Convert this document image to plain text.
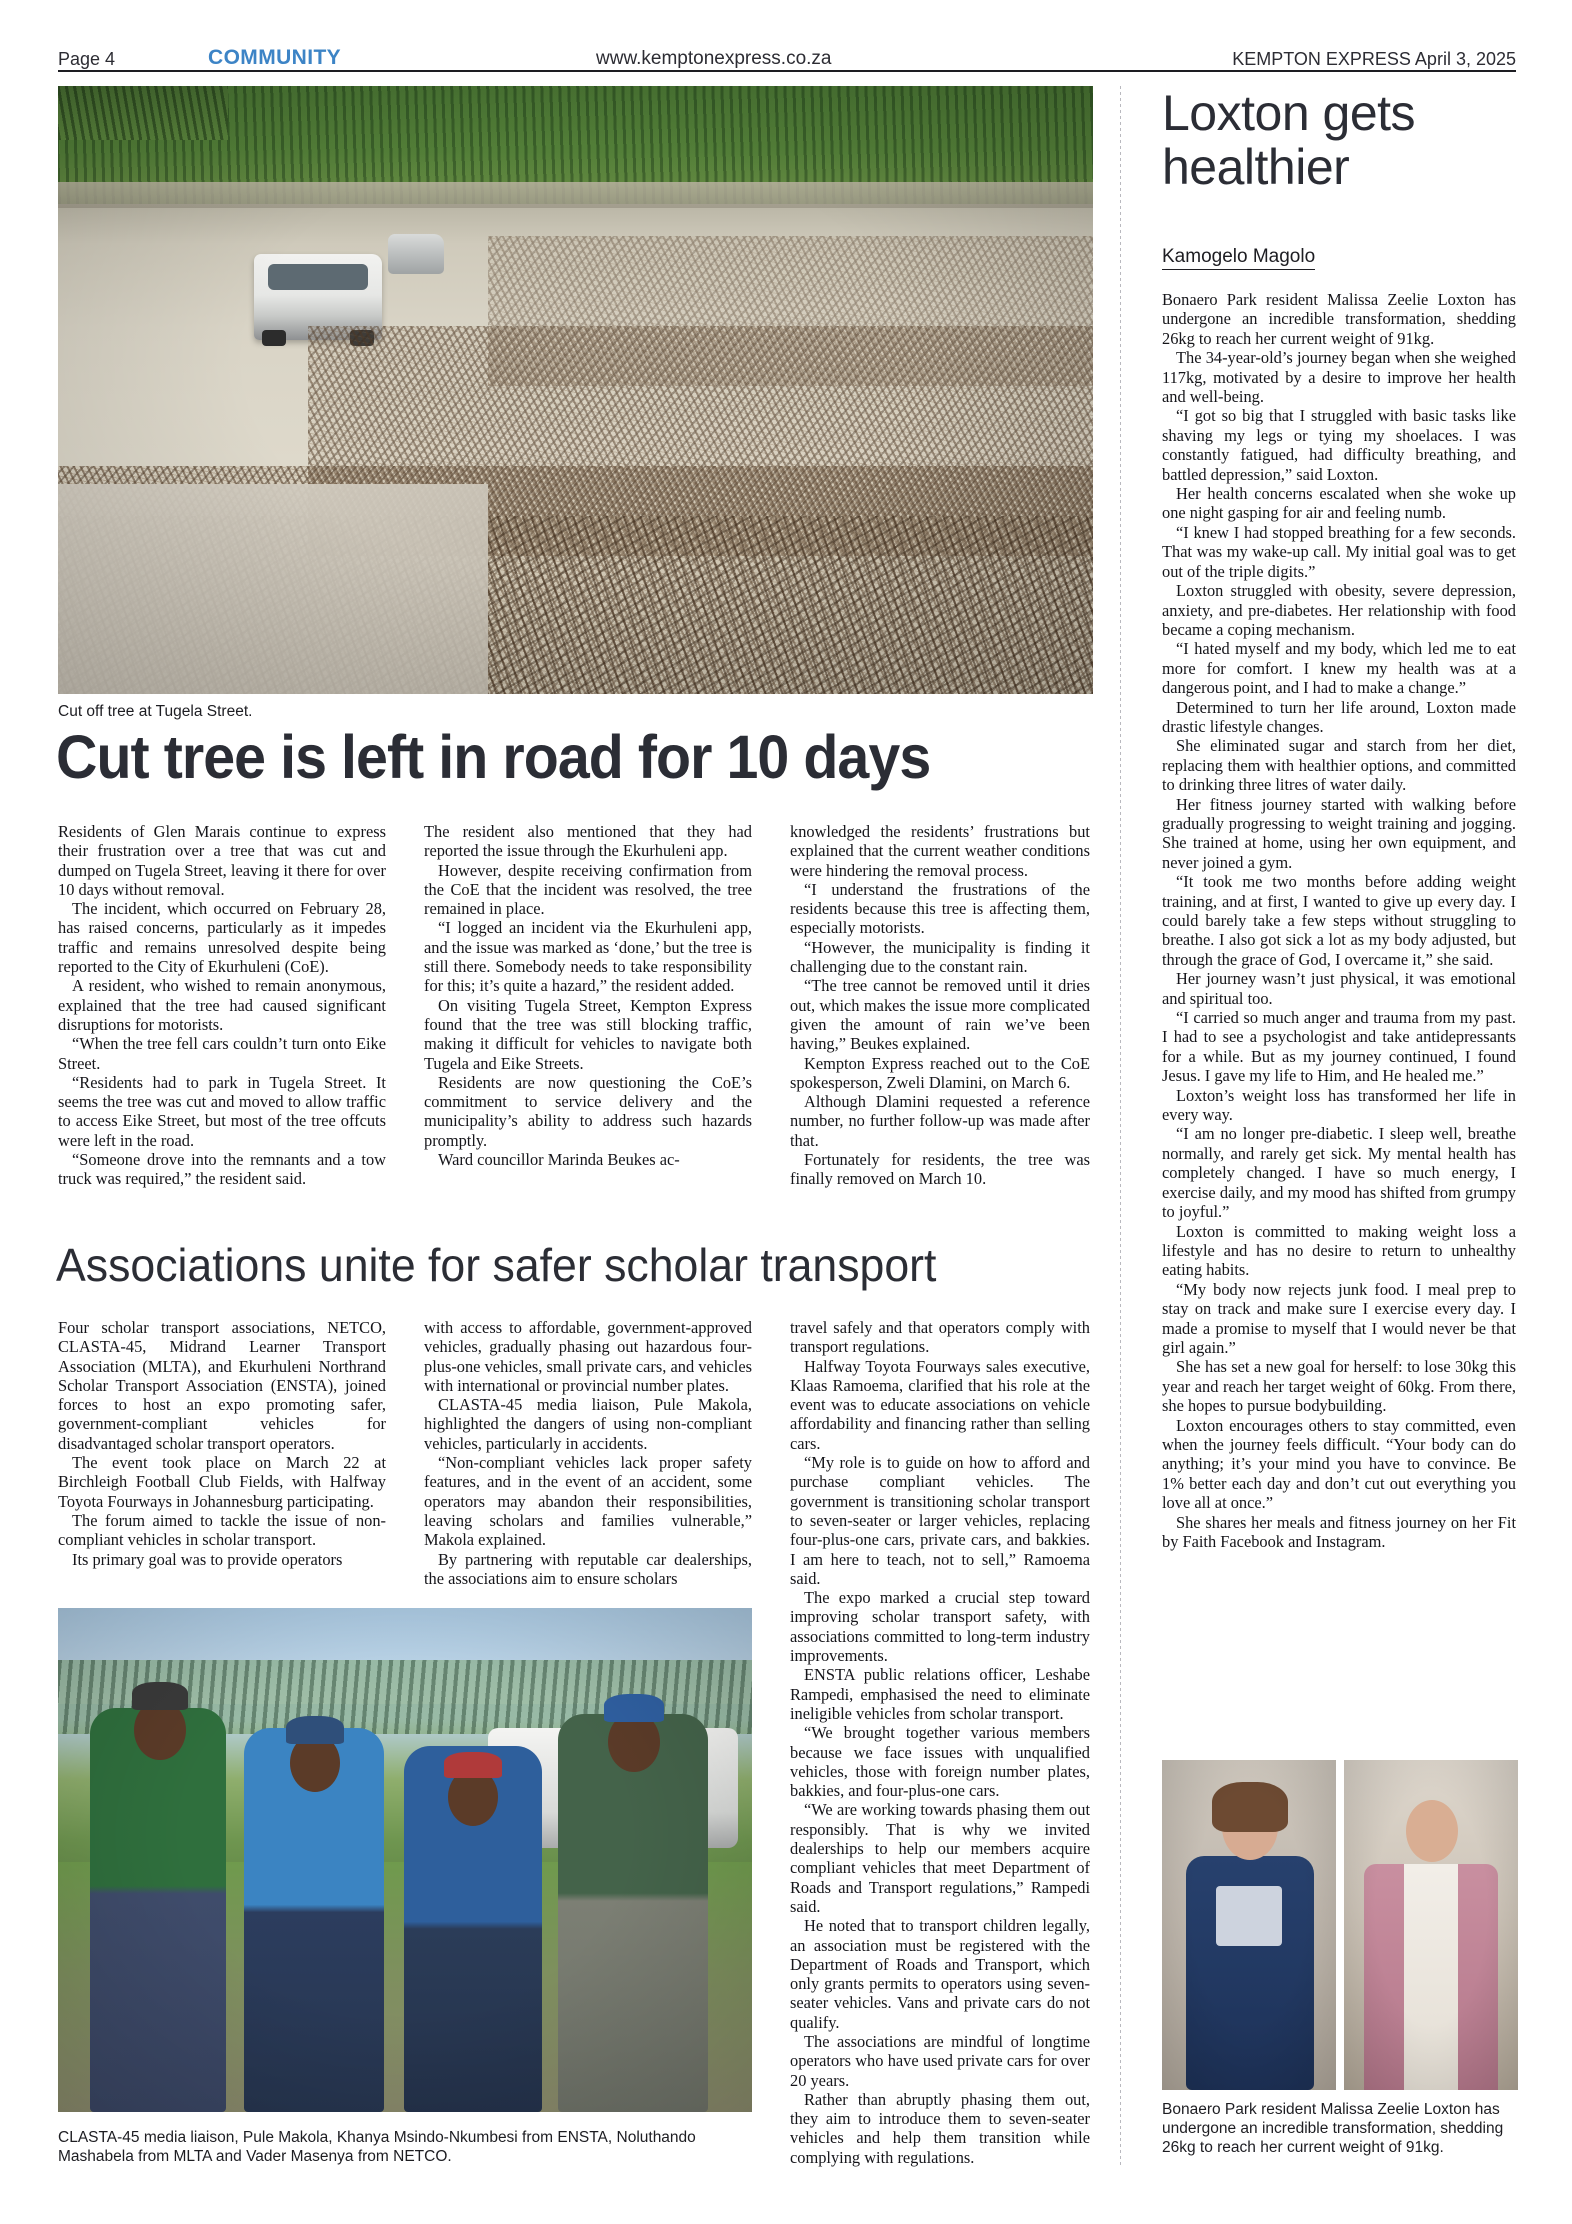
Page 4	COMMUNITY	www.kemptonexpress.co.za	KEMPTON EXPRESS April 3, 2025
Cut off tree at Tugela Street.
Cut tree is left in road for 10 days

Residents of Glen Marais continue to express their frustration over a tree that was cut and dumped on Tugela Street, leaving it there for over 10 days without removal.

The incident, which occurred on February 28, has raised concerns, particularly as it impedes traffic and remains unresolved despite being reported to the City of Ekurhuleni (CoE).

A resident, who wished to remain anonymous, explained that the tree had caused significant disruptions for motorists.

“When the tree fell cars couldn’t turn onto Eike Street.

“Residents had to park in Tugela Street. It seems the tree was cut and moved to allow traffic to access Eike Street, but most of the tree offcuts were left in the road.

“Someone drove into the remnants and a tow truck was required,” the resident said.

The resident also mentioned that they had reported the issue through the Ekurhuleni app.

However, despite receiving confirmation from the CoE that the incident was resolved, the tree remained in place.

“I logged an incident via the Ekurhuleni app, and the issue was marked as ‘done,’ but the tree is still there. Somebody needs to take responsibility for this; it’s quite a hazard,” the resident added.

On visiting Tugela Street, Kempton Express found that the tree was still blocking traffic, making it difficult for vehicles to navigate both Tugela and Eike Streets.

Residents are now questioning the CoE’s commitment to service delivery and the municipality’s ability to address such hazards promptly.

Ward councillor Marinda Beukes ac-

knowledged the residents’ frustrations but explained that the current weather conditions were hindering the removal process.

“I understand the frustrations of the residents because this tree is affecting them, especially motorists.

“However, the municipality is finding it challenging due to the constant rain.

“The tree cannot be removed until it dries out, which makes the issue more complicated given the amount of rain we’ve been having,” Beukes explained.

Kempton Express reached out to the CoE spokesperson, Zweli Dlamini, on March 6.

Although Dlamini requested a reference number, no further follow-up was made after that.

Fortunately for residents, the tree was finally removed on March 10.

Associations unite for safer scholar transport

Four scholar transport associations, NETCO, CLASTA-45, Midrand Learner Transport Association (MLTA), and Ekurhuleni Northrand Scholar Transport Association (ENSTA), joined forces to host an expo promoting safer, government-compliant vehicles for disadvantaged scholar transport operators.

The event took place on March 22 at Birchleigh Football Club Fields, with Halfway Toyota Fourways in Johannesburg participating.

The forum aimed to tackle the issue of non-compliant vehicles in scholar transport.

Its primary goal was to provide operators

with access to affordable, government-approved vehicles, gradually phasing out hazardous four-plus-one vehicles, small private cars, and vehicles with international or provincial number plates.

CLASTA-45 media liaison, Pule Makola, highlighted the dangers of using non-compliant vehicles, particularly in accidents.

“Non-compliant vehicles lack proper safety features, and in the event of an accident, some operators may abandon their responsibilities, leaving scholars and families vulnerable,” Makola explained.

By partnering with reputable car dealerships, the associations aim to ensure scholars

travel safely and that operators comply with transport regulations.

Halfway Toyota Fourways sales executive, Klaas Ramoema, clarified that his role at the event was to educate associations on vehicle affordability and financing rather than selling cars.

“My role is to guide on how to afford and purchase compliant vehicles. The government is transitioning scholar transport to seven-seater or larger vehicles, replacing four-plus-one cars, private cars, and bakkies. I am here to teach, not to sell,” Ramoema said.

The expo marked a crucial step toward improving scholar transport safety, with associations committed to long-term industry improvements.

ENSTA public relations officer, Leshabe Rampedi, emphasised the need to eliminate ineligible vehicles from scholar transport.

“We brought together various members because we face issues with unqualified vehicles, those with foreign number plates, bakkies, and four-plus-one cars.

“We are working towards phasing them out responsibly. That is why we invited dealerships to help our members acquire compliant vehicles that meet Department of Roads and Transport regulations,” Rampedi said.

He noted that to transport children legally, an association must be registered with the Department of Roads and Transport, which only grants permits to operators using seven-seater vehicles. Vans and private cars do not qualify.

The associations are mindful of longtime operators who have used private cars for over 20 years.

Rather than abruptly phasing them out, they aim to introduce them to seven-seater vehicles and help them transition while complying with regulations.

CLASTA-45 media liaison, Pule Makola, Khanya Msindo-Nkumbesi from ENSTA, Noluthando Mashabela from MLTA and Vader Masenya from NETCO.
Loxton gets
healthier
Kamogelo Magolo

Bonaero Park resident Malissa Zeelie Loxton has undergone an incredible transformation, shedding 26kg to reach her current weight of 91kg.

The 34-year-old’s journey began when she weighed 117kg, motivated by a desire to improve her health and well-being.

“I got so big that I struggled with basic tasks like shaving my legs or tying my shoelaces. I was constantly fatigued, had difficulty breathing, and battled depression,” said Loxton.

Her health concerns escalated when she woke up one night gasping for air and feeling numb.

“I knew I had stopped breathing for a few seconds. That was my wake-up call. My initial goal was to get out of the triple digits.”

Loxton struggled with obesity, severe depression, anxiety, and pre-diabetes. Her relationship with food became a coping mechanism.

“I hated myself and my body, which led me to eat more for comfort. I knew my health was at a dangerous point, and I had to make a change.”

Determined to turn her life around, Loxton made drastic lifestyle changes.

She eliminated sugar and starch from her diet, replacing them with healthier options, and committed to drinking three litres of water daily.

Her fitness journey started with walking before gradually progressing to weight training and jogging. She trained at home, using her own equipment, and never joined a gym.

“It took me two months before adding weight training, and at first, I wanted to give up every day. I could barely take a few steps without struggling to breathe. I also got sick a lot as my body adjusted, but through the grace of God, I overcame it,” she said.

Her journey wasn’t just physical, it was emotional and spiritual too.

“I carried so much anger and trauma from my past. I had to see a psychologist and take antidepressants for a while. But as my journey continued, I found Jesus. I gave my life to Him, and He healed me.”

Loxton’s weight loss has transformed her life in every way.

“I am no longer pre-diabetic. I sleep well, breathe normally, and rarely get sick. My mental health has completely changed. I have so much energy, I exercise daily, and my mood has shifted from grumpy to joyful.”

Loxton is committed to making weight loss a lifestyle and has no desire to return to unhealthy eating habits.

“My body now rejects junk food. I meal prep to stay on track and make sure I exercise every day. I made a promise to myself that I would never be that girl again.”

She has set a new goal for herself: to lose 30kg this year and reach her target weight of 60kg. From there, she hopes to pursue bodybuilding.

Loxton encourages others to stay committed, even when the journey feels difficult. “Your body can do anything; it’s your mind you have to convince. Be 1% better each day and don’t cut out everything you love all at once.”

She shares her meals and fitness journey on her Fit by Faith Facebook and Instagram.

Bonaero Park resident Malissa Zeelie Loxton has undergone an incredible transformation, shedding 26kg to reach her current weight of 91kg.
